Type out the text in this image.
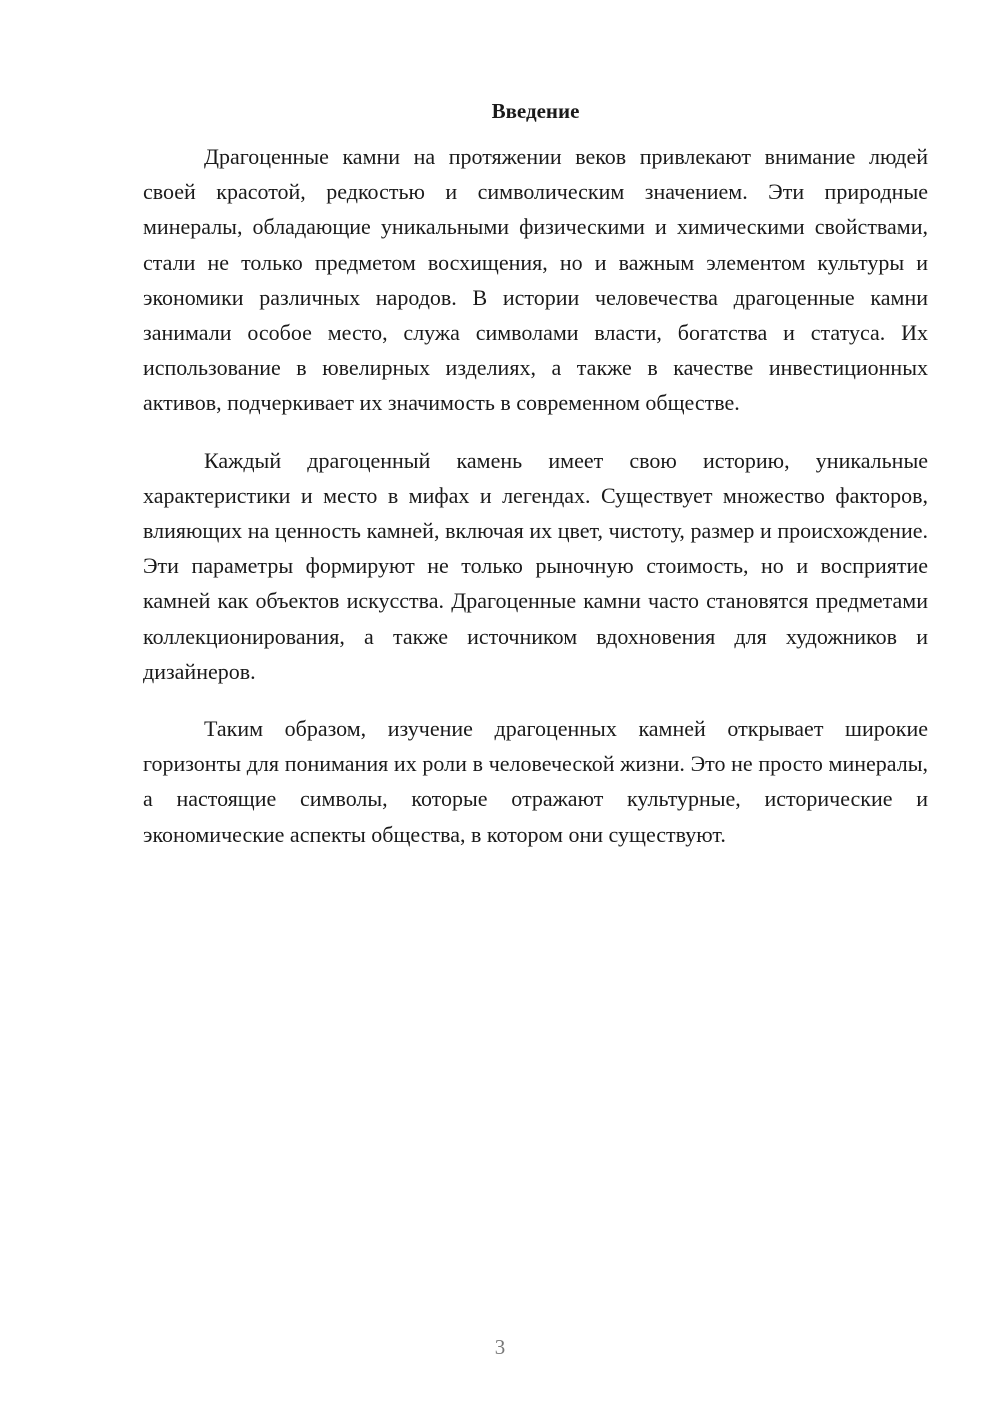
Введение

Драгоценные камни на протяжении веков привлекают внимание людей своей красотой, редкостью и символическим значением. Эти природные минералы, обладающие уникальными физическими и химическими свойствами, стали не только предметом восхищения, но и важным элементом культуры и экономики различных народов. В истории человечества драгоценные камни занимали особое место, служа символами власти, богатства и статуса. Их использование в ювелирных изделиях, а также в качестве инвестиционных активов, подчеркивает их значимость в современном обществе.

Каждый драгоценный камень имеет свою историю, уникальные характеристики и место в мифах и легендах. Существует множество факторов, влияющих на ценность камней, включая их цвет, чистоту, размер и происхождение. Эти параметры формируют не только рыночную стоимость, но и восприятие камней как объектов искусства. Драгоценные камни часто становятся предметами коллекционирования, а также источником вдохновения для художников и дизайнеров.

Таким образом, изучение драгоценных камней открывает широкие горизонты для понимания их роли в человеческой жизни. Это не просто минералы, а настоящие символы, которые отражают культурные, исторические и экономические аспекты общества, в котором они существуют.

3
